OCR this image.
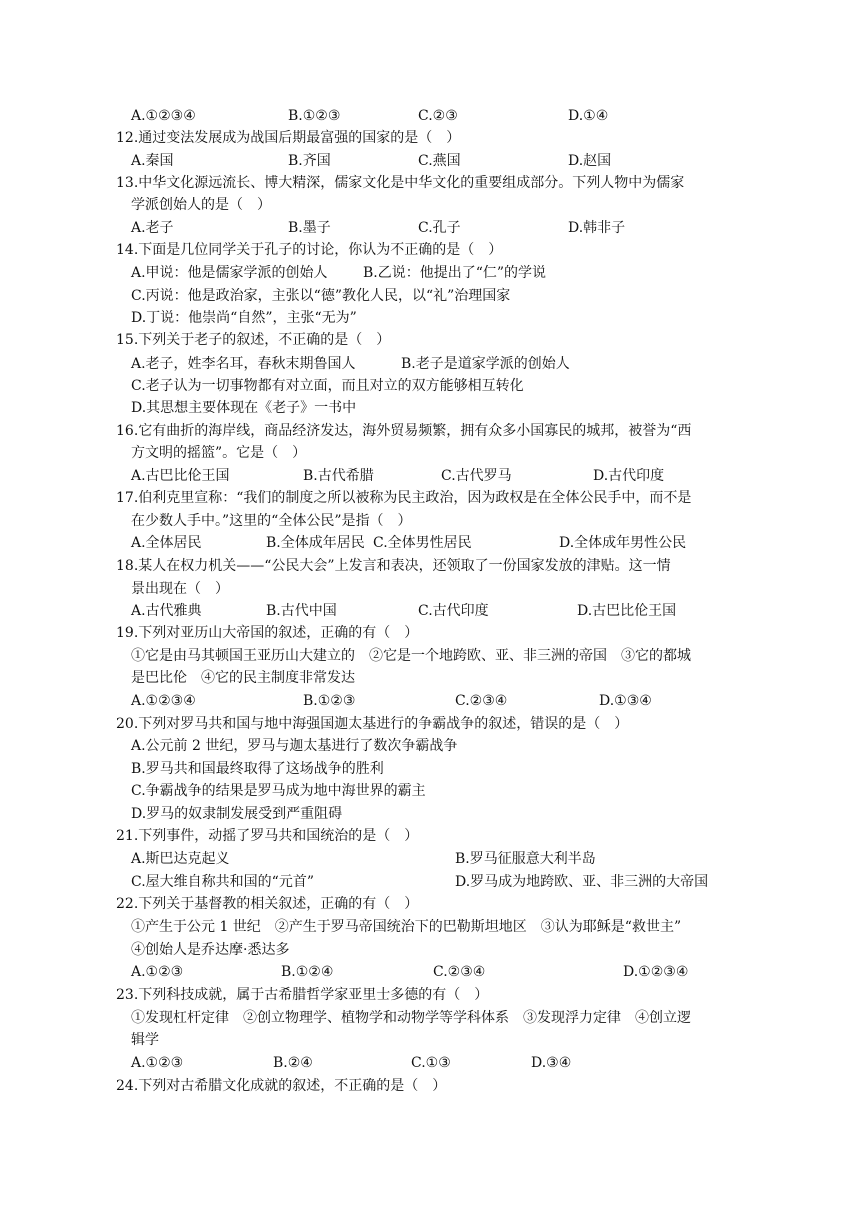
A.①②③④	B.①②③	C.②③	D.①④
12.通过变法发展成为战国后期最富强的国家的是（　）
A.秦国	B.齐国	C.燕国	D.赵国
13.中华文化源远流长、博大精深，儒家文化是中华文化的重要组成部分。下列人物中为儒家
学派创始人的是（　）
A.老子	B.墨子	C.孔子	D.韩非子
14.下面是几位同学关于孔子的讨论，你认为不正确的是（　）
A.甲说：他是儒家学派的创始人	B.乙说：他提出了“仁”的学说
C.丙说：他是政治家，主张以“德”教化人民，以“礼”治理国家
D.丁说：他崇尚“自然”，主张“无为”
15.下列关于老子的叙述，不正确的是（　）
A.老子，姓李名耳，春秋末期鲁国人	B.老子是道家学派的创始人
C.老子认为一切事物都有对立面，而且对立的双方能够相互转化
D.其思想主要体现在《老子》一书中
16.它有曲折的海岸线，商品经济发达，海外贸易频繁，拥有众多小国寡民的城邦，被誉为“西
方文明的摇篮”。它是（　）
A.古巴比伦王国	B.古代希腊	C.古代罗马	D.古代印度
17.伯利克里宣称：“我们的制度之所以被称为民主政治，因为政权是在全体公民手中，而不是
在少数人手中。”这里的“全体公民”是指（　）
A.全体居民	B.全体成年居民 C.全体男性居民	D.全体成年男性公民
18.某人在权力机关——“公民大会”上发言和表决，还领取了一份国家发放的津贴。这一情
景出现在（　）
A.古代雅典	B.古代中国	C.古代印度	D.古巴比伦王国
19.下列对亚历山大帝国的叙述，正确的有（　）
①它是由马其顿国王亚历山大建立的　②它是一个地跨欧、亚、非三洲的帝国　③它的都城
是巴比伦　④它的民主制度非常发达
A.①②③④	B.①②③	C.②③④	D.①③④
20.下列对罗马共和国与地中海强国迦太基进行的争霸战争的叙述，错误的是（　）
A.公元前 2 世纪，罗马与迦太基进行了数次争霸战争
B.罗马共和国最终取得了这场战争的胜利
C.争霸战争的结果是罗马成为地中海世界的霸主
D.罗马的奴隶制发展受到严重阻碍
21.下列事件，动摇了罗马共和国统治的是（　）
A.斯巴达克起义	B.罗马征服意大利半岛
C.屋大维自称共和国的“元首”	D.罗马成为地跨欧、亚、非三洲的大帝国
22.下列关于基督教的相关叙述，正确的有（　）
①产生于公元 1 世纪　②产生于罗马帝国统治下的巴勒斯坦地区　③认为耶稣是“救世主”
④创始人是乔达摩·悉达多
A.①②③	B.①②④	C.②③④	D.①②③④
23.下列科技成就，属于古希腊哲学家亚里士多德的有（　）
①发现杠杆定律　②创立物理学、植物学和动物学等学科体系　③发现浮力定律　④创立逻
辑学
A.①②③	B.②④	C.①③	D.③④
24.下列对古希腊文化成就的叙述，不正确的是（　）
